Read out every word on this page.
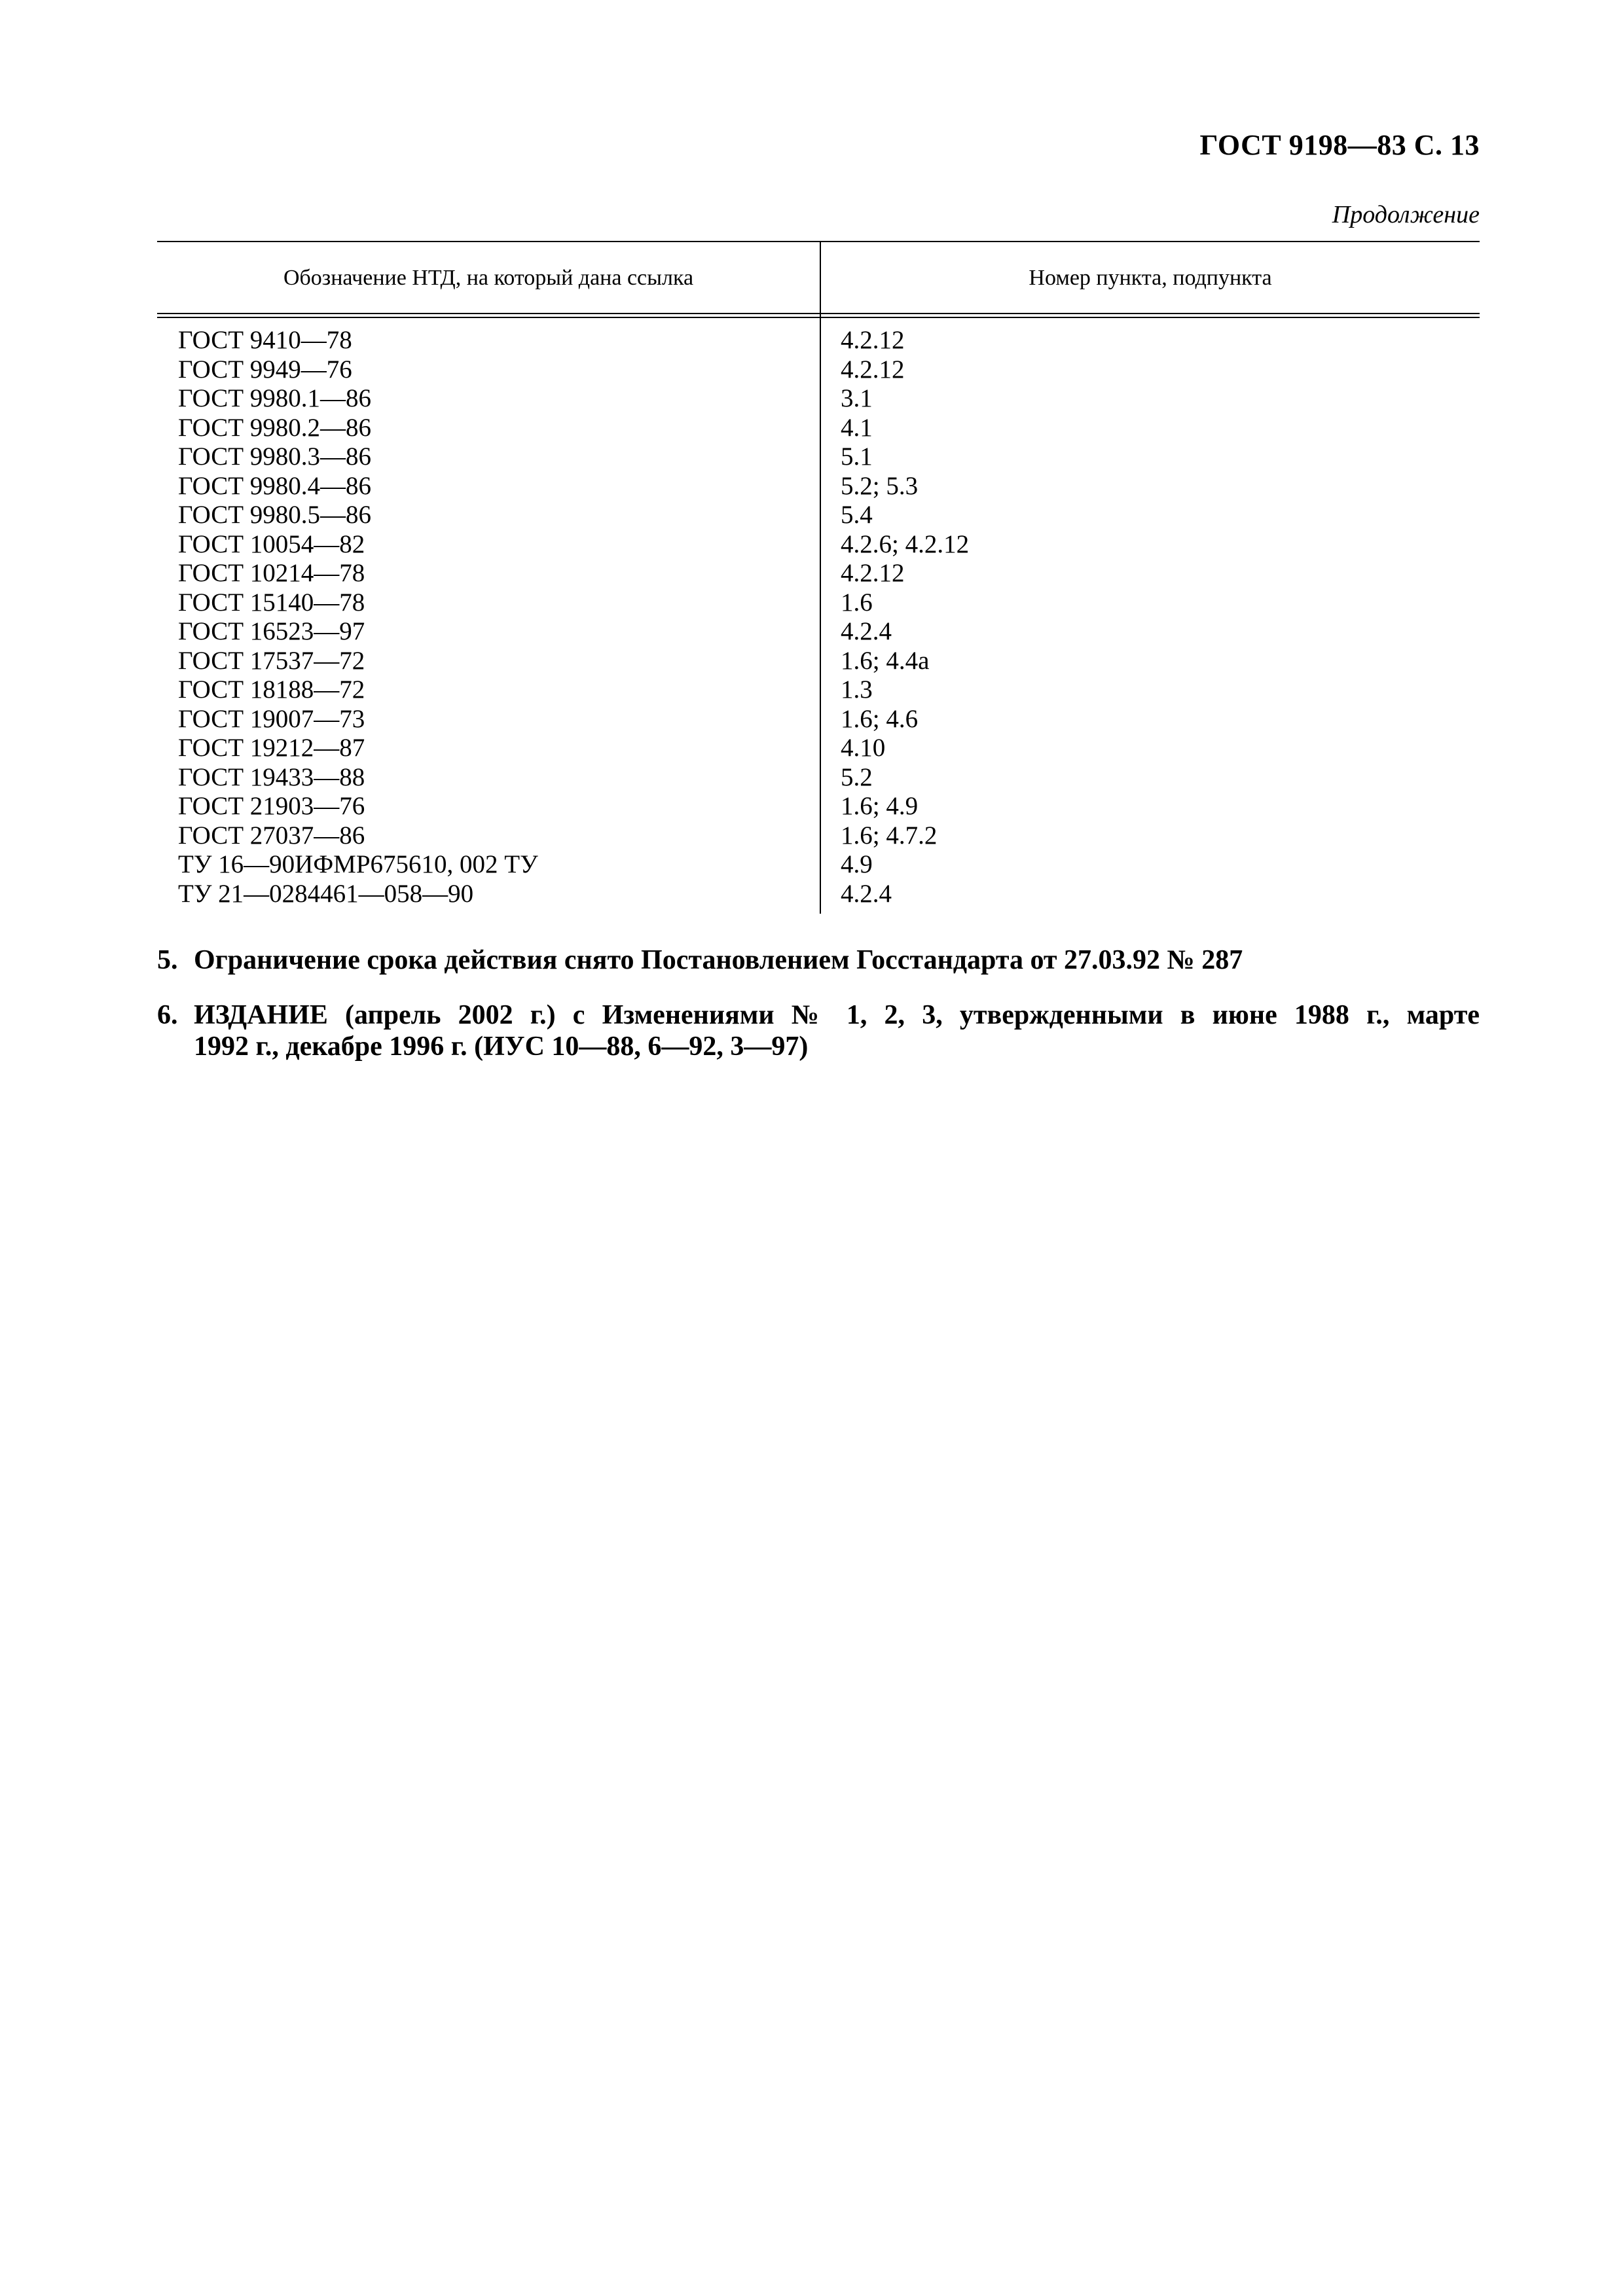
ГОСТ 9198—83 С. 13
Продолжение
Обозначение НТД, на который дана ссылка	Номер пункта, подпункта
ГОСТ 9410—78	4.2.12
ГОСТ 9949—76	4.2.12
ГОСТ 9980.1—86	3.1
ГОСТ 9980.2—86	4.1
ГОСТ 9980.3—86	5.1
ГОСТ 9980.4—86	5.2; 5.3
ГОСТ 9980.5—86	5.4
ГОСТ 10054—82	4.2.6; 4.2.12
ГОСТ 10214—78	4.2.12
ГОСТ 15140—78	1.6
ГОСТ 16523—97	4.2.4
ГОСТ 17537—72	1.6; 4.4а
ГОСТ 18188—72	1.3
ГОСТ 19007—73	1.6; 4.6
ГОСТ 19212—87	4.10
ГОСТ 19433—88	5.2
ГОСТ 21903—76	1.6; 4.9
ГОСТ 27037—86	1.6; 4.7.2
ТУ 16—90ИФМР675610, 002 ТУ	4.9
ТУ 21—0284461—058—90	4.2.4
5. Ограничение срока действия снято Постановлением Госстандарта от 27.03.92 № 287
6. ИЗДАНИЕ (апрель 2002 г.) с Изменениями № 1, 2, 3, утвержденными в июне 1988 г., марте
1992 г., декабре 1996 г. (ИУС 10—88, 6—92, 3—97)
